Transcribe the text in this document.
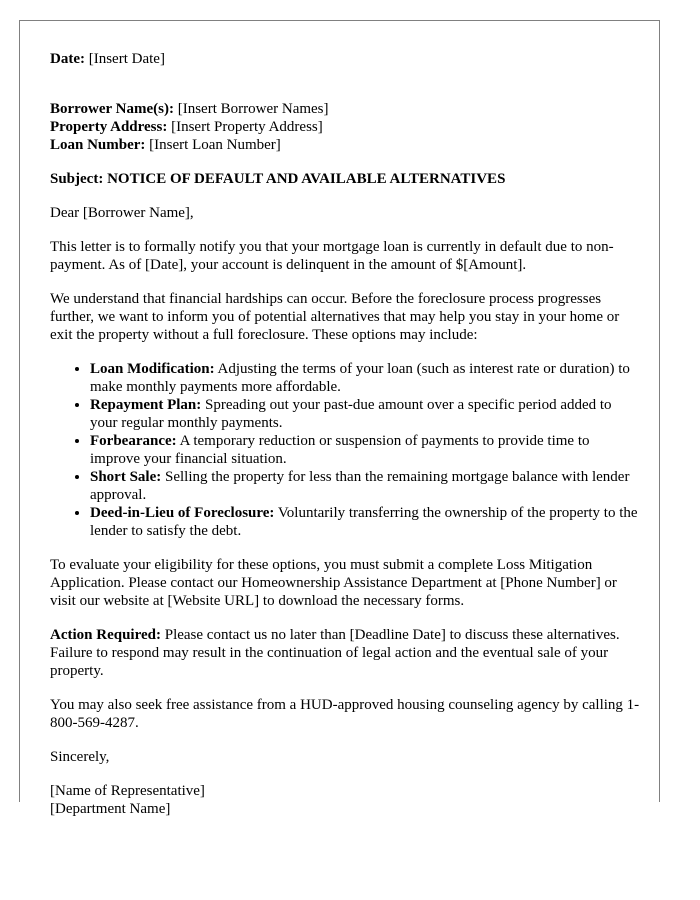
Date: [Insert Date]

Borrower Name(s): [Insert Borrower Names]

Property Address: [Insert Property Address]

Loan Number: [Insert Loan Number]

Subject: NOTICE OF DEFAULT AND AVAILABLE ALTERNATIVES

Dear [Borrower Name],

This letter is to formally notify you that your mortgage loan is currently in default due to non-payment. As of [Date], your account is delinquent in the amount of $[Amount].

We understand that financial hardships can occur. Before the foreclosure process progresses further, we want to inform you of potential alternatives that may help you stay in your home or exit the property without a full foreclosure. These options may include:

• Loan Modification: Adjusting the terms of your loan (such as interest rate or duration) to make monthly payments more affordable.
• Repayment Plan: Spreading out your past-due amount over a specific period added to your regular monthly payments.
• Forbearance: A temporary reduction or suspension of payments to provide time to improve your financial situation.
• Short Sale: Selling the property for less than the remaining mortgage balance with lender approval.
• Deed-in-Lieu of Foreclosure: Voluntarily transferring the ownership of the property to the lender to satisfy the debt.

To evaluate your eligibility for these options, you must submit a complete Loss Mitigation Application. Please contact our Homeownership Assistance Department at [Phone Number] or visit our website at [Website URL] to download the necessary forms.

Action Required: Please contact us no later than [Deadline Date] to discuss these alternatives. Failure to respond may result in the continuation of legal action and the eventual sale of your property.

You may also seek free assistance from a HUD-approved housing counseling agency by calling 1-800-569-4287.

Sincerely,

[Name of Representative]

[Department Name]
